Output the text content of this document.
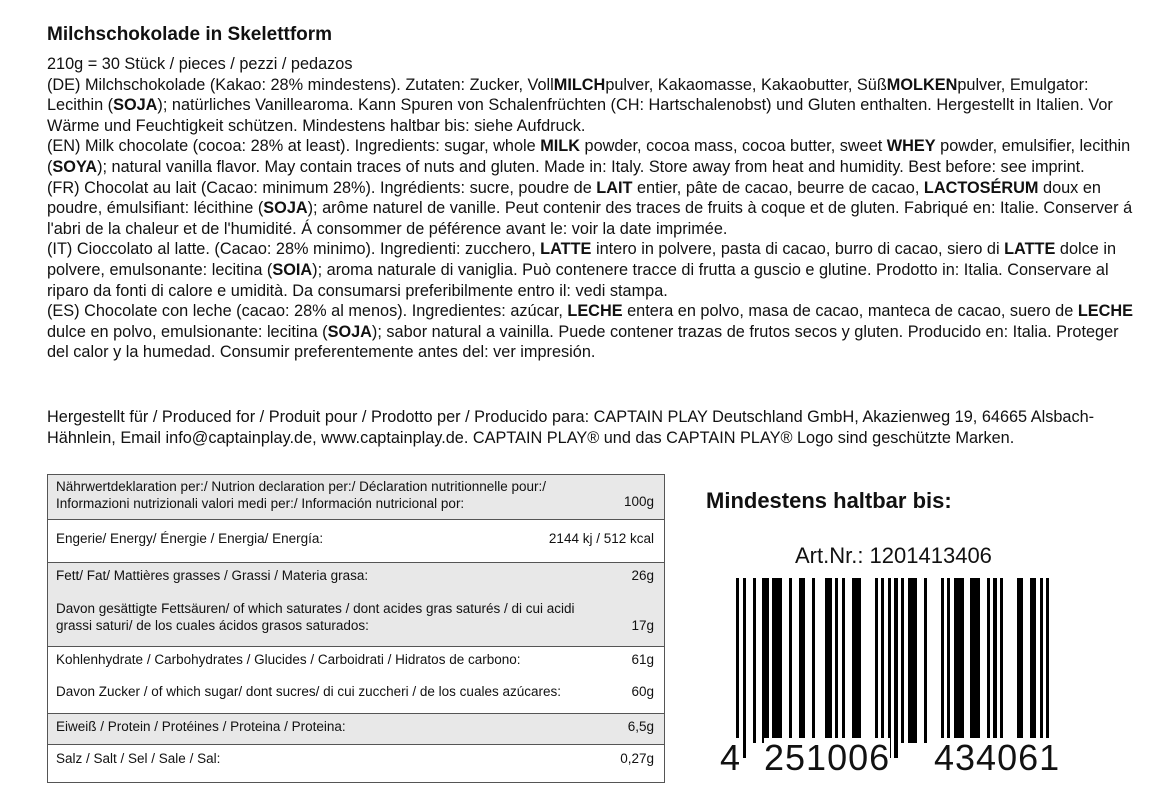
Milchschokolade in Skelettform

210g = 30 Stück / pieces / pezzi / pedazos

(DE) Milchschokolade (Kakao: 28% mindestens). Zutaten: Zucker, VollMILCHpulver, Kakaomasse, Kakaobutter, SüßMOLKENpulver, Emulgator: Lecithin (SOJA); natürliches Vanillearoma. Kann Spuren von Schalenfrüchten (CH: Hartschalenobst) und Gluten enthalten. Hergestellt in Italien. Vor Wärme und Feuchtigkeit schützen. Mindestens haltbar bis: siehe Aufdruck.

(EN) Milk chocolate (cocoa: 28% at least). Ingredients: sugar, whole MILK powder, cocoa mass, cocoa butter, sweet WHEY powder, emulsifier, lecithin (SOYA); natural vanilla flavor. May contain traces of nuts and gluten. Made in: Italy. Store away from heat and humidity. Best before: see imprint.

(FR) Chocolat au lait (Cacao: minimum 28%). Ingrédients: sucre, poudre de LAIT entier, pâte de cacao, beurre de cacao, LACTOSÉRUM doux en poudre, émulsifiant: lécithine (SOJA); arôme naturel de vanille. Peut contenir des traces de fruits à coque et de gluten. Fabriqué en: Italie. Conserver á l'abri de la chaleur et de l'humidité. Á consommer de péférence avant le: voir la date imprimée.

(IT) Cioccolato al latte. (Cacao: 28% minimo). Ingredienti: zucchero, LATTE intero in polvere, pasta di cacao, burro di cacao, siero di LATTE dolce in polvere, emulsonante: lecitina (SOIA); aroma naturale di vaniglia. Può contenere tracce di frutta a guscio e glutine. Prodotto in: Italia. Conservare al riparo da fonti di calore e umidità. Da consumarsi preferibilmente entro il: vedi stampa.

(ES) Chocolate con leche (cacao: 28% al menos). Ingredientes: azúcar, LECHE entera en polvo, masa de cacao, manteca de cacao, suero de LECHE dulce en polvo, emulsionante: lecitina (SOJA); sabor natural a vainilla. Puede contener trazas de frutos secos y gluten. Producido en: Italia. Proteger del calor y la humedad. Consumir preferentemente antes del: ver impresión.

Hergestellt für / Produced for / Produit pour / Prodotto per / Producido para: CAPTAIN PLAY Deutschland GmbH, Akazienweg 19, 64665 Alsbach-Hähnlein, Email info@captainplay.de, www.captainplay.de. CAPTAIN PLAY® und das CAPTAIN PLAY® Logo sind geschützte Marken.
Nährwertdeklaration per:/ Nutrion declaration per:/ Déclaration nutritionnelle pour:/
Informazioni nutrizionali valori medi per:/ Información nutricional por:	100g
Engerie/ Energy/ Énergie / Energia/ Energía:	2144 kj / 512 kcal
Fett/ Fat/ Mattières grasses / Grassi / Materia grasa:	26g
Davon gesättigte Fettsäuren/ of which saturates / dont acides gras saturés / di cui acidi
grassi saturi/ de los cuales ácidos grasos saturados:	17g
Kohlenhydrate / Carbohydrates / Glucides / Carboidrati / Hidratos de carbono:	61g
Davon Zucker / of which sugar/ dont sucres/ di cui zuccheri / de los cuales azúcares:	60g
Eiweiß / Protein / Protéines / Proteina / Proteina:	6,5g
Salz / Salt / Sel / Sale / Sal:	0,27g
Mindestens haltbar bis:
Art.Nr.: 1201413406
4 251006 434061
